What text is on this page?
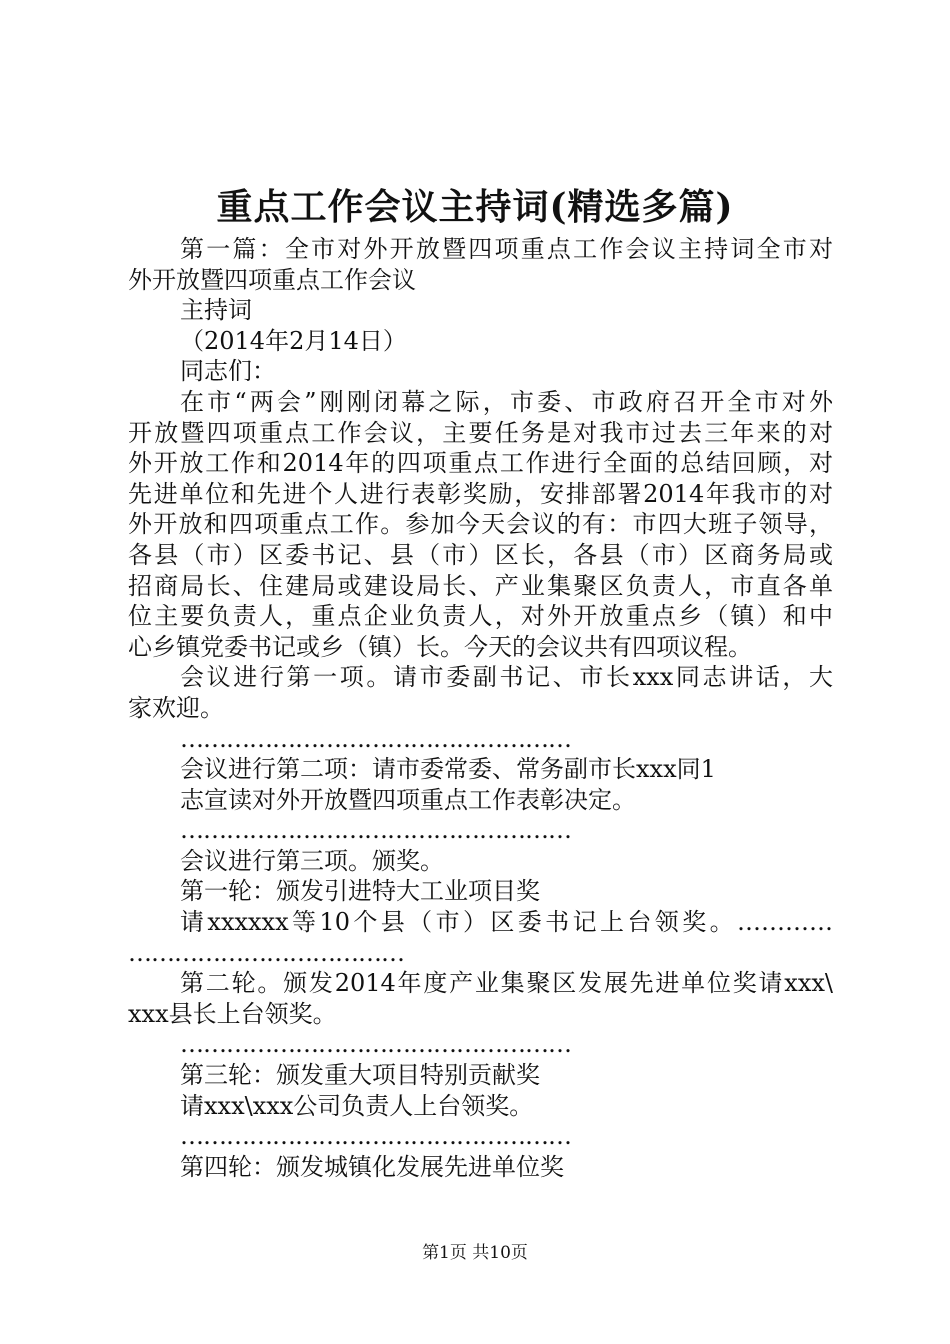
重点工作会议主持词(精选多篇)
第一篇：全市对外开放暨四项重点工作会议主持词全市对
外开放暨四项重点工作会议
主持词
（2014年2月14日）
同志们：
在市“两会”刚刚闭幕之际，市委、市政府召开全市对外
开放暨四项重点工作会议，主要任务是对我市过去三年来的对
外开放工作和2014年的四项重点工作进行全面的总结回顾，对
先进单位和先进个人进行表彰奖励，安排部署2014年我市的对
外开放和四项重点工作。参加今天会议的有：市四大班子领导，
各县（市）区委书记、县（市）区长，各县（市）区商务局或
招商局长、住建局或建设局长、产业集聚区负责人，市直各单
位主要负责人，重点企业负责人，对外开放重点乡（镇）和中
心乡镇党委书记或乡（镇）长。今天的会议共有四项议程。
会议进行第一项。请市委副书记、市长xxx同志讲话，大
家欢迎。
……………………………………………
会议进行第二项：请市委常委、常务副市长xxx同1
志宣读对外开放暨四项重点工作表彰决定。
……………………………………………
会议进行第三项。颁奖。
第一轮：颁发引进特大工业项目奖
请xxxxxx等10个县（市）区委书记上台领奖。…………
………………………………
第二轮。颁发2014年度产业集聚区发展先进单位奖请xxx\
xxx县长上台领奖。
……………………………………………
第三轮：颁发重大项目特别贡献奖
请xxx\xxx公司负责人上台领奖。
……………………………………………
第四轮：颁发城镇化发展先进单位奖
第1页 共10页
